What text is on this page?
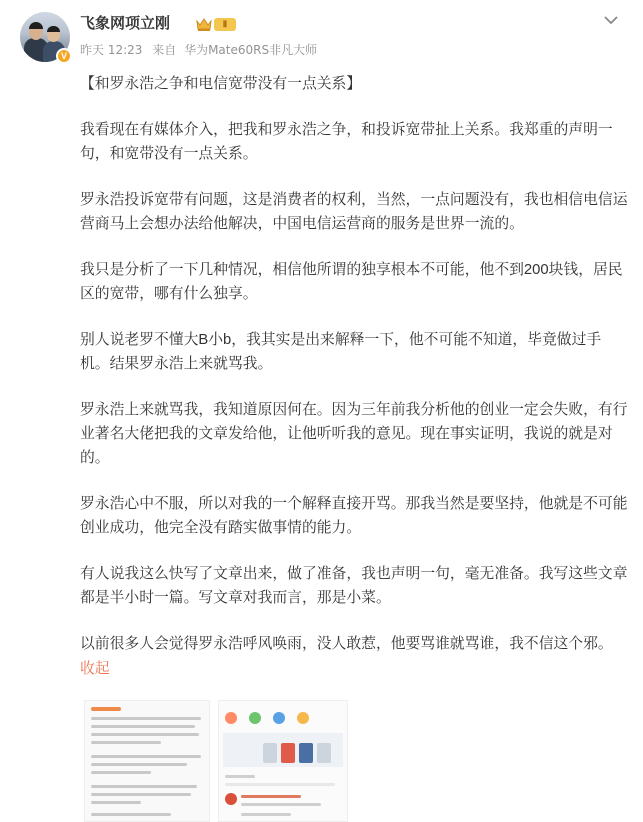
V
飞象网项立刚	Ⅱ
昨天 12:23 来自 华为Mate60RS非凡大师

【和罗永浩之争和电信宽带没有一点关系】

我看现在有媒体介入，把我和罗永浩之争，和投诉宽带扯上关系。我郑重的声明一句，和宽带没有一点关系。

罗永浩投诉宽带有问题，这是消费者的权利，当然，一点问题没有，我也相信电信运营商马上会想办法给他解决，中国电信运营商的服务是世界一流的。

我只是分析了一下几种情况，相信他所谓的独享根本不可能，他不到200块钱，居民区的宽带，哪有什么独享。

别人说老罗不懂大B小b，我其实是出来解释一下，他不可能不知道，毕竟做过手机。结果罗永浩上来就骂我。

罗永浩上来就骂我，我知道原因何在。因为三年前我分析他的创业一定会失败，有行业著名大佬把我的文章发给他，让他听听我的意见。现在事实证明，我说的就是对的。

罗永浩心中不服，所以对我的一个解释直接开骂。那我当然是要坚持，他就是不可能创业成功，他完全没有踏实做事情的能力。

有人说我这么快写了文章出来，做了准备，我也声明一句，毫无准备。我写这些文章都是半小时一篇。写文章对我而言，那是小菜。

以前很多人会觉得罗永浩呼风唤雨，没人敢惹，他要骂谁就骂谁，我不信这个邪。

收起
